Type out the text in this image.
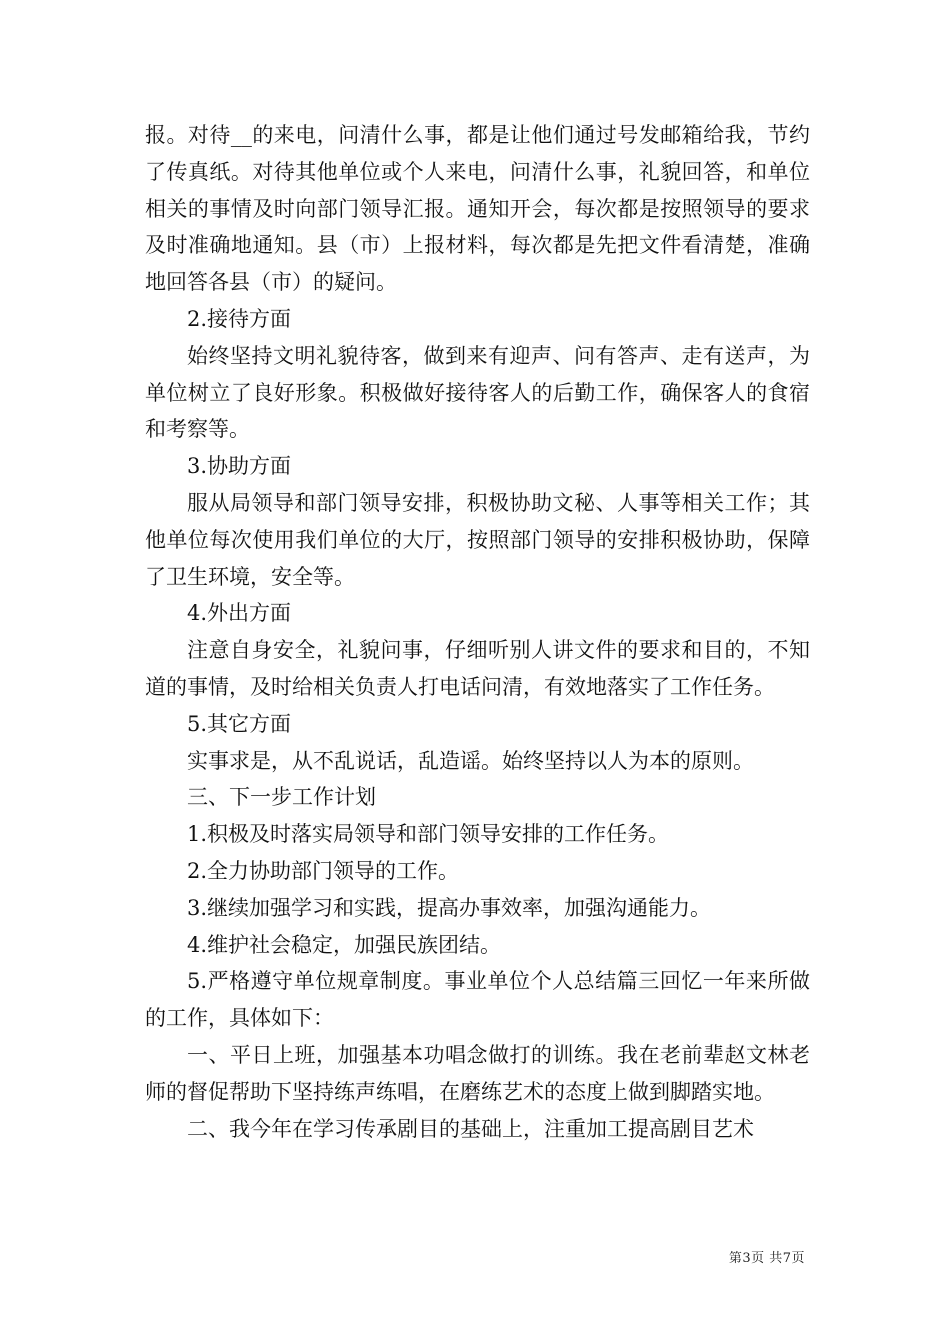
报。对待__的来电，问清什么事，都是让他们通过号发邮箱给我，节约了传真纸。对待其他单位或个人来电，问清什么事，礼貌回答，和单位相关的事情及时向部门领导汇报。通知开会，每次都是按照领导的要求及时准确地通知。县（市）上报材料，每次都是先把文件看清楚，准确地回答各县（市）的疑问。

2.接待方面

始终坚持文明礼貌待客，做到来有迎声、问有答声、走有送声，为单位树立了良好形象。积极做好接待客人的后勤工作，确保客人的食宿和考察等。

3.协助方面

服从局领导和部门领导安排，积极协助文秘、人事等相关工作；其他单位每次使用我们单位的大厅，按照部门领导的安排积极协助，保障了卫生环境，安全等。

4.外出方面

注意自身安全，礼貌问事，仔细听别人讲文件的要求和目的，不知道的事情，及时给相关负责人打电话问清，有效地落实了工作任务。

5.其它方面

实事求是，从不乱说话，乱造谣。始终坚持以人为本的原则。

三、下一步工作计划

1.积极及时落实局领导和部门领导安排的工作任务。

2.全力协助部门领导的工作。

3.继续加强学习和实践，提高办事效率，加强沟通能力。

4.维护社会稳定，加强民族团结。

5.严格遵守单位规章制度。事业单位个人总结篇三回忆一年来所做的工作，具体如下：

一、平日上班，加强基本功唱念做打的训练。我在老前辈赵文林老师的督促帮助下坚持练声练唱，在磨练艺术的态度上做到脚踏实地。

二、我今年在学习传承剧目的基础上，注重加工提高剧目艺术

第3页 共7页
